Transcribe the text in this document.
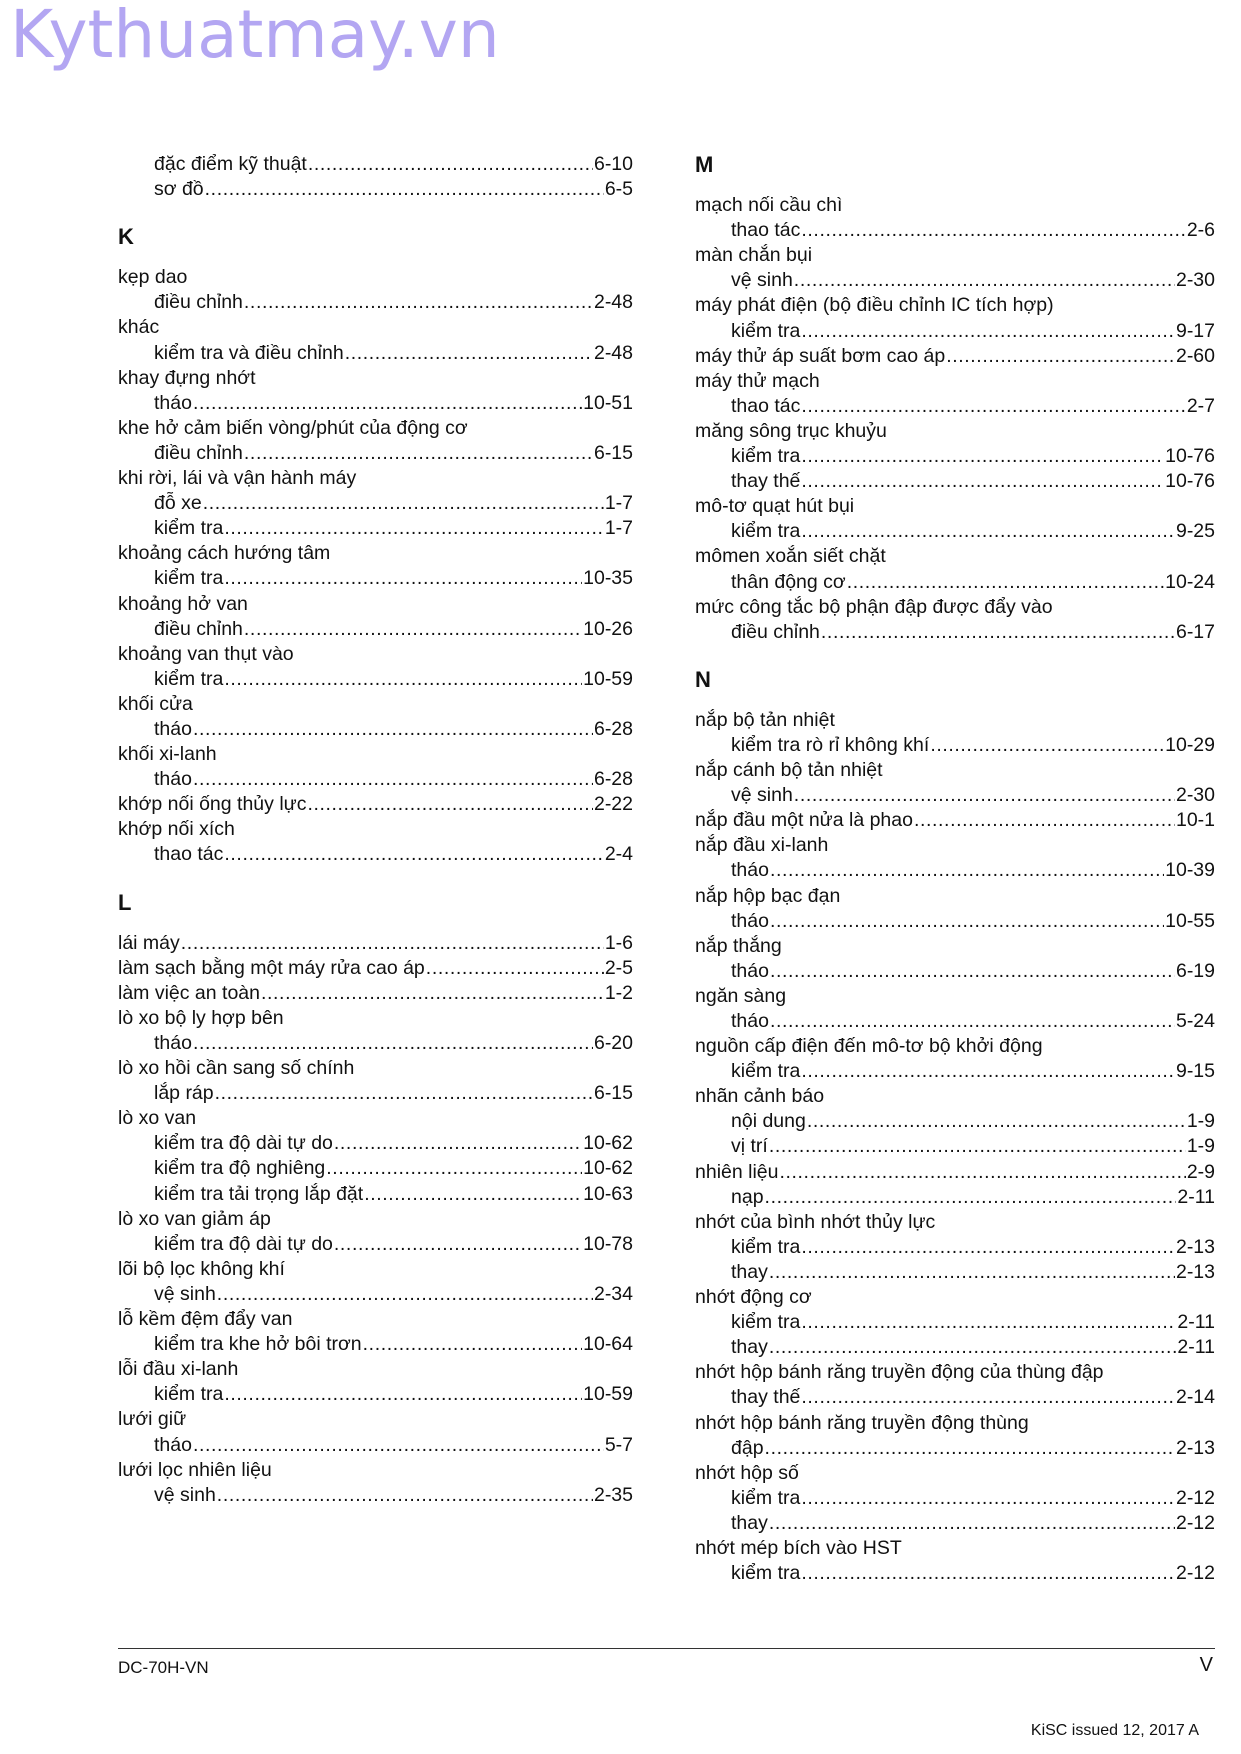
Kythuatmay.vn
đặc điểm kỹ thuật .....	6-10
sơ đồ .....	6-5
K
kẹp dao
điều chỉnh .....	2-48
khác
kiểm tra và điều chỉnh .....	2-48
khay đựng nhớt
tháo .....	10-51
khe hở cảm biến vòng/phút của động cơ
điều chỉnh .....	6-15
khi rời, lái và vận hành máy
đỗ xe .....	1-7
kiểm tra .....	1-7
khoảng cách hướng tâm
kiểm tra .....	10-35
khoảng hở van
điều chỉnh .....	10-26
khoảng van thụt vào
kiểm tra .....	10-59
khối cửa
tháo .....	6-28
khối xi-lanh
tháo .....	6-28
khớp nối ống thủy lực .....	2-22
khớp nối xích
thao tác .....	2-4
L
lái máy .....	1-6
làm sạch bằng một máy rửa cao áp .....	2-5
làm việc an toàn .....	1-2
lò xo bộ ly hợp bên
tháo .....	6-20
lò xo hồi cần sang số chính
lắp ráp .....	6-15
lò xo van
kiểm tra độ dài tự do .....	10-62
kiểm tra độ nghiêng .....	10-62
kiểm tra tải trọng lắp đặt .....	10-63
lò xo van giảm áp
kiểm tra độ dài tự do .....	10-78
lõi bộ lọc không khí
vệ sinh .....	2-34
lỗ kềm đệm đẩy van
kiểm tra khe hở bôi trơn .....	10-64
lỗi đầu xi-lanh
kiểm tra .....	10-59
lưới giữ
tháo .....	5-7
lưới lọc nhiên liệu
vệ sinh .....	2-35
M
mạch nối cầu chì
thao tác .....	2-6
màn chắn bụi
vệ sinh .....	2-30
máy phát điện (bộ điều chỉnh IC tích hợp)
kiểm tra .....	9-17
máy thử áp suất bơm cao áp .....	2-60
máy thử mạch
thao tác .....	2-7
măng sông trục khuỷu
kiểm tra .....	10-76
thay thế .....	10-76
mô-tơ quạt hút bụi
kiểm tra .....	9-25
mômen xoắn siết chặt
thân động cơ .....	10-24
mức công tắc bộ phận đập được đẩy vào
điều chỉnh .....	6-17
N
nắp bộ tản nhiệt
kiểm tra rò rỉ không khí .....	10-29
nắp cánh bộ tản nhiệt
vệ sinh .....	2-30
nắp đầu một nửa là phao .....	10-1
nắp đầu xi-lanh
tháo .....	10-39
nắp hộp bạc đạn
tháo .....	10-55
nắp thắng
tháo .....	6-19
ngăn sàng
tháo .....	5-24
nguồn cấp điện đến mô-tơ bộ khởi động
kiểm tra .....	9-15
nhãn cảnh báo
nội dung .....	1-9
vị trí .....	1-9
nhiên liệu .....	2-9
nạp .....	2-11
nhớt của bình nhớt thủy lực
kiểm tra .....	2-13
thay .....	2-13
nhớt động cơ
kiểm tra .....	2-11
thay .....	2-11
nhớt hộp bánh răng truyền động của thùng đập
thay thế .....	2-14
nhớt hộp bánh răng truyền động thùng
đập .....	2-13
nhớt hộp số
kiểm tra .....	2-12
thay .....	2-12
nhớt mép bích vào HST
kiểm tra .....	2-12
DC-70H-VN	V
KiSC issued 12, 2017 A
